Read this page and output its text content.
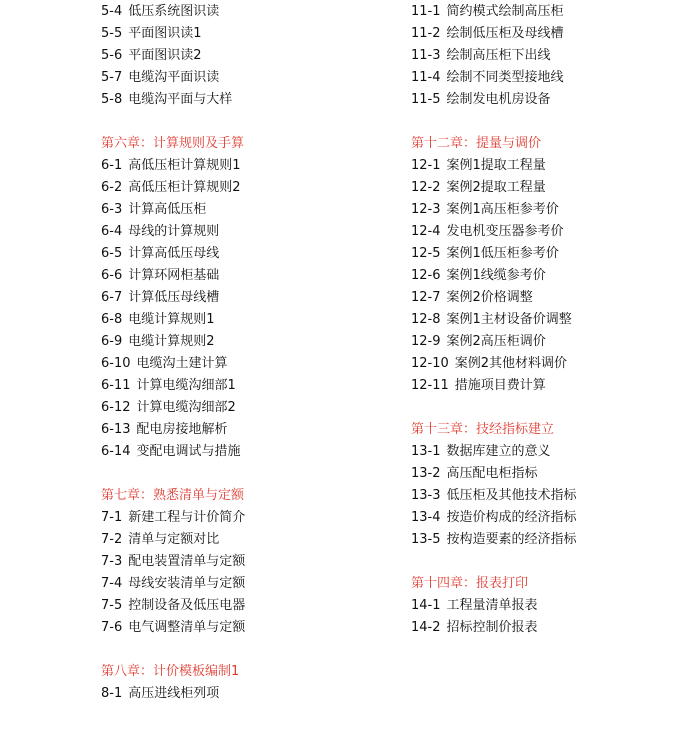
5-4 低压系统图识读
5-5 平面图识读1
5-6 平面图识读2
5-7 电缆沟平面识读
5-8 电缆沟平面与大样
第六章：计算规则及手算
6-1 高低压柜计算规则1
6-2 高低压柜计算规则2
6-3 计算高低压柜
6-4 母线的计算规则
6-5 计算高低压母线
6-6 计算环网柜基础
6-7 计算低压母线槽
6-8 电缆计算规则1
6-9 电缆计算规则2
6-10 电缆沟土建计算
6-11 计算电缆沟细部1
6-12 计算电缆沟细部2
6-13 配电房接地解析
6-14 变配电调试与措施
第七章：熟悉清单与定额
7-1 新建工程与计价简介
7-2 清单与定额对比
7-3 配电装置清单与定额
7-4 母线安装清单与定额
7-5 控制设备及低压电器
7-6 电气调整清单与定额
第八章：计价模板编制1
8-1 高压进线柜列项
11-1 简约模式绘制高压柜
11-2 绘制低压柜及母线槽
11-3 绘制高压柜下出线
11-4 绘制不同类型接地线
11-5 绘制发电机房设备
第十二章：提量与调价
12-1 案例1提取工程量
12-2 案例2提取工程量
12-3 案例1高压柜参考价
12-4 发电机变压器参考价
12-5 案例1低压柜参考价
12-6 案例1线缆参考价
12-7 案例2价格调整
12-8 案例1主材设备价调整
12-9 案例2高压柜调价
12-10 案例2其他材料调价
12-11 措施项目费计算
第十三章：技经指标建立
13-1 数据库建立的意义
13-2 高压配电柜指标
13-3 低压柜及其他技术指标
13-4 按造价构成的经济指标
13-5 按构造要素的经济指标
第十四章：报表打印
14-1 工程量清单报表
14-2 招标控制价报表
